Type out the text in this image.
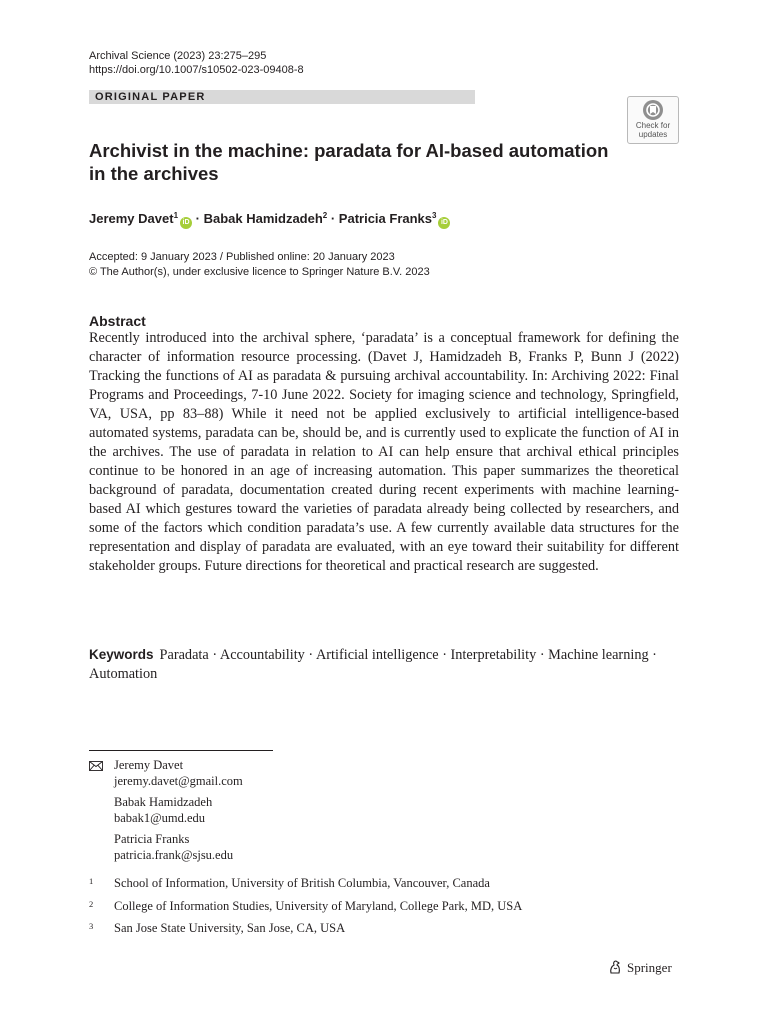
Archival Science (2023) 23:275–295
https://doi.org/10.1007/s10502-023-09408-8
ORIGINAL PAPER
Check for
updates
Archivist in the machine: paradata for AI-based automation
in the archives
Jeremy Davet$^1$iD · Babak Hamidzadeh$^2$ · Patricia Franks$^3$iD
Accepted: 9 January 2023 / Published online: 20 January 2023
© The Author(s), under exclusive licence to Springer Nature B.V. 2023
Abstract
Recently introduced into the archival sphere, ‘paradata’ is a conceptual framework for defining the character of information resource processing. (Davet J, Hamidzadeh B, Franks P, Bunn J (2022) Tracking the functions of AI as paradata & pursuing archival accountability. In: Archiving 2022: Final Programs and Proceedings, 7-10 June 2022. Society for imaging science and technology, Springfield, VA, USA, pp 83–88) While it need not be applied exclusively to artificial intelligence-based automated systems, paradata can be, should be, and is currently used to explicate the function of AI in the archives. The use of paradata in relation to AI can help ensure that archival ethical principles continue to be honored in an age of increasing automation. This paper summarizes the theoretical background of paradata, documentation created during recent experiments with machine learning-based AI which gestures toward the varieties of paradata already being collected by researchers, and some of the factors which condition paradata’s use. A few currently available data structures for the representation and display of paradata are evaluated, with an eye toward their suitability for different stakeholder groups. Future directions for theoretical and practical research are suggested.
Keywords Paradata · Accountability · Artificial intelligence · Interpretability · Machine learning · Automation
Jeremy Davet
jeremy.davet@gmail.com
Babak Hamidzadeh
babak1@umd.edu
Patricia Franks
patricia.frank@sjsu.edu
1 School of Information, University of British Columbia, Vancouver, Canada
2 College of Information Studies, University of Maryland, College Park, MD, USA
3 San Jose State University, San Jose, CA, USA
Springer
